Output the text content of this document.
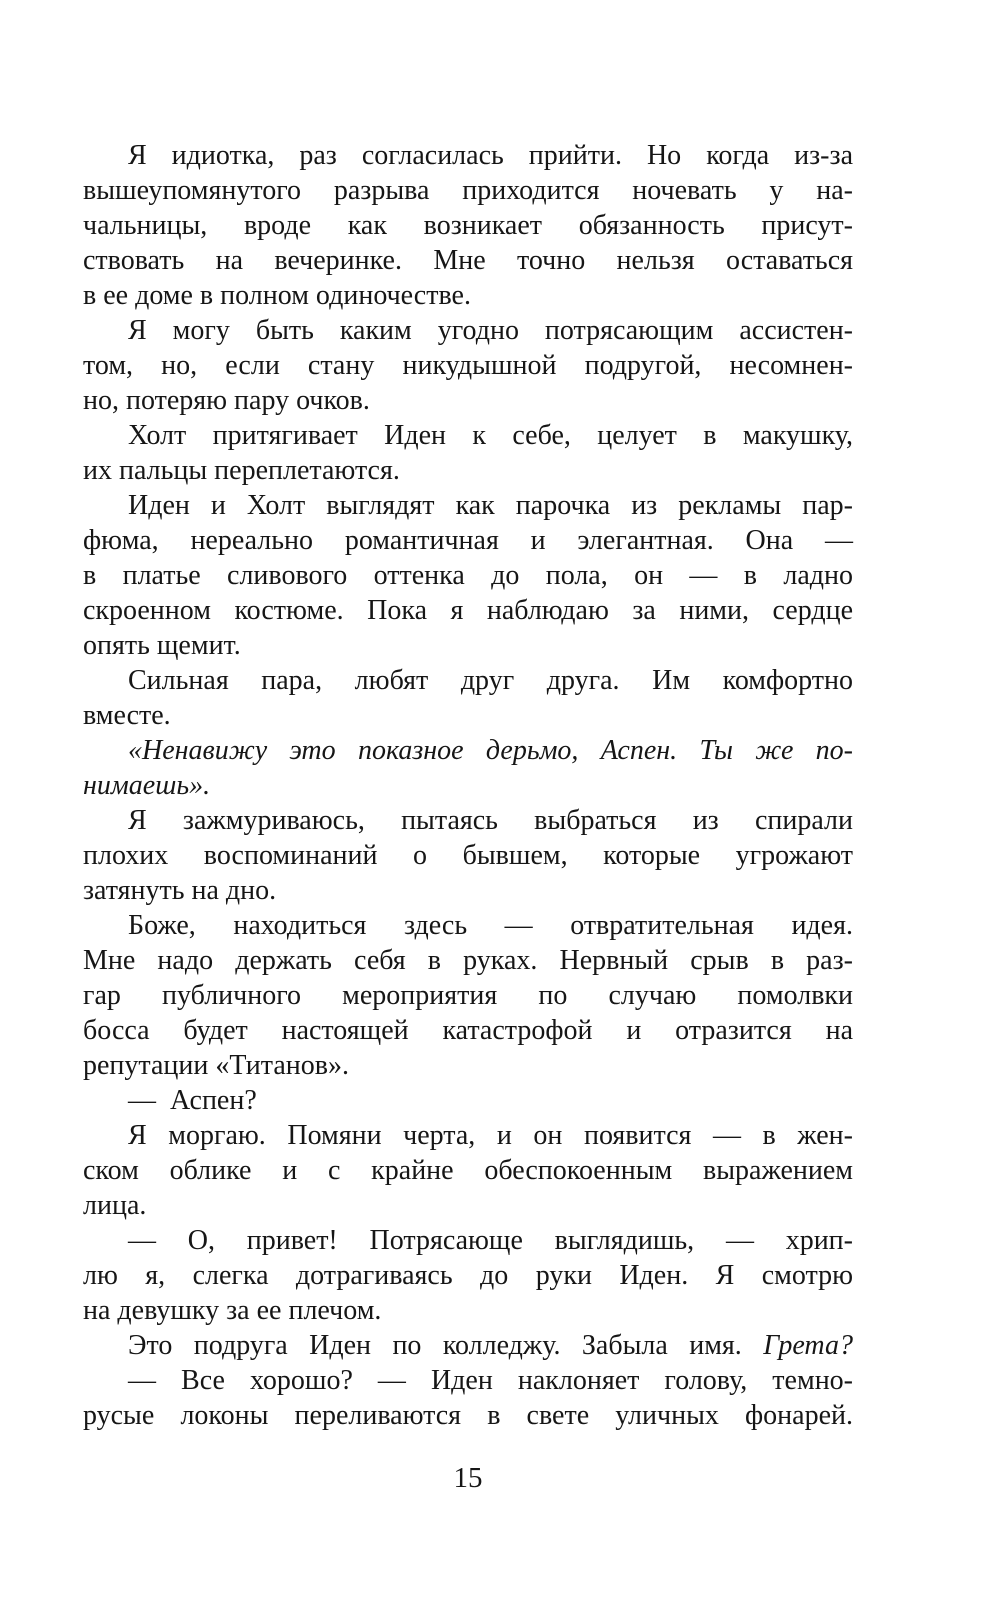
Я идиотка, раз согласилась прийти. Но когда из-за
вышеупомянутого разрыва приходится ночевать у на-
чальницы, вроде как возникает обязанность присут-
ствовать на вечеринке. Мне точно нельзя оставаться
в ее доме в полном одиночестве.
Я могу быть каким угодно потрясающим ассистен-
том, но, если стану никудышной подругой, несомнен-
но, потеряю пару очков.
Холт притягивает Иден к себе, целует в макушку,
их пальцы переплетаются.
Иден и Холт выглядят как парочка из рекламы пар-
фюма, нереально романтичная и элегантная. Она —
в платье сливового оттенка до пола, он — в ладно
скроенном костюме. Пока я наблюдаю за ними, сердце
опять щемит.
Сильная пара, любят друг друга. Им комфортно
вместе.
«Ненавижу это показное дерьмо, Аспен. Ты же по-
нимаешь».
Я зажмуриваюсь, пытаясь выбраться из спирали
плохих воспоминаний о бывшем, которые угрожают
затянуть на дно.
Боже, находиться здесь — отвратительная идея.
Мне надо держать себя в руках. Нервный срыв в раз-
гар публичного мероприятия по случаю помолвки
босса будет настоящей катастрофой и отразится на
репутации «Титанов».
— Аспен?
Я моргаю. Помяни черта, и он появится — в жен-
ском облике и с крайне обеспокоенным выражением
лица.
— О, привет! Потрясающе выглядишь, — хрип-
лю я, слегка дотрагиваясь до руки Иден. Я смотрю
на девушку за ее плечом.
Это подруга Иден по колледжу. Забыла имя. Грета?
— Все хорошо? — Иден наклоняет голову, темно-
русые локоны переливаются в свете уличных фонарей.
15
